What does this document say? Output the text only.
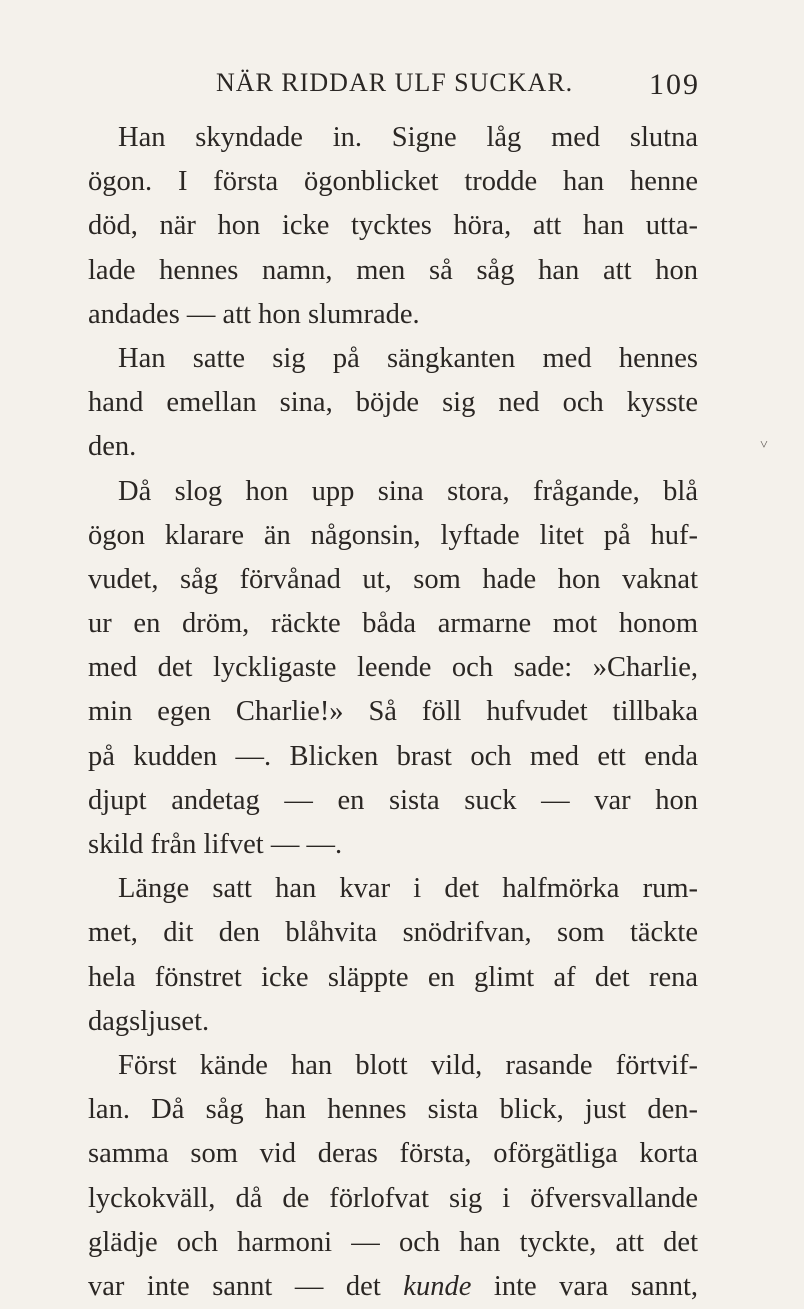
NÄR RIDDAR ULF SUCKAR.	109
˅
Han skyndade in. Signe låg med slutna
ögon. I första ögonblicket trodde han henne
död, när hon icke tycktes höra, att han utta-
lade hennes namn, men så såg han att hon
andades — att hon slumrade.
Han satte sig på sängkanten med hennes
hand emellan sina, böjde sig ned och kysste
den.
Då slog hon upp sina stora, frågande, blå
ögon klarare än någonsin, lyftade litet på huf-
vudet, såg förvånad ut, som hade hon vaknat
ur en dröm, räckte båda armarne mot honom
med det lyckligaste leende och sade: »Charlie,
min egen Charlie!» Så föll hufvudet tillbaka
på kudden —. Blicken brast och med ett enda
djupt andetag — en sista suck — var hon
skild från lifvet — —.
Länge satt han kvar i det halfmörka rum-
met, dit den blåhvita snödrifvan, som täckte
hela fönstret icke släppte en glimt af det rena
dagsljuset.
Först kände han blott vild, rasande förtvif-
lan. Då såg han hennes sista blick, just den-
samma som vid deras första, oförgätliga korta
lyckokväll, då de förlofvat sig i öfversvallande
glädje och harmoni — och han tyckte, att det
var inte sannt — det kunde inte vara sannt,
